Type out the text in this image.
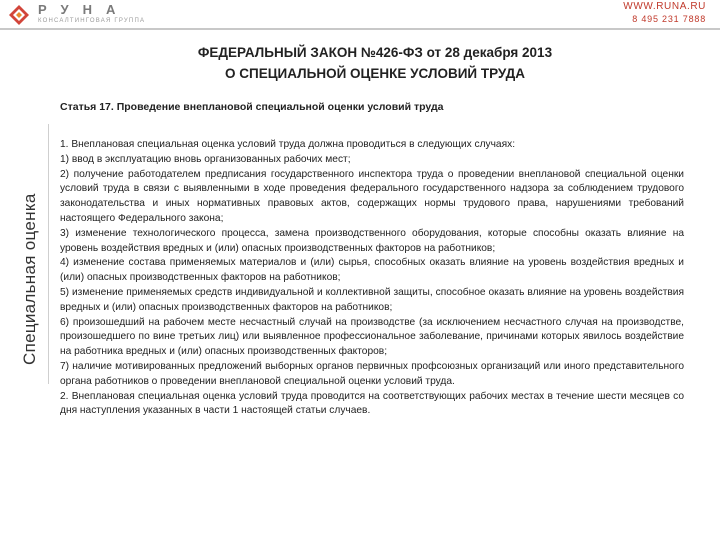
РУНА
КОНСАЛТИНГОВАЯ ГРУППА
WWW.RUNA.RU
8 495 231 7888
ФЕДЕРАЛЬНЫЙ ЗАКОН №426-ФЗ от 28 декабря 2013
О СПЕЦИАЛЬНОЙ ОЦЕНКЕ УСЛОВИЙ ТРУДА
Специальная оценка
Статья 17. Проведение внеплановой специальной оценки условий труда

1. Внеплановая специальная оценка условий труда должна проводиться в следующих случаях:

1) ввод в эксплуатацию вновь организованных рабочих мест;

2) получение работодателем предписания государственного инспектора труда о проведении внеплановой специальной оценки условий труда в связи с выявленными в ходе проведения федерального государственного надзора за соблюдением трудового законодательства и иных нормативных правовых актов, содержащих нормы трудового права, нарушениями требований настоящего Федерального закона;

3) изменение технологического процесса, замена производственного оборудования, которые способны оказать влияние на уровень воздействия вредных и (или) опасных производственных факторов на работников;

4) изменение состава применяемых материалов и (или) сырья, способных оказать влияние на уровень воздействия вредных и (или) опасных производственных факторов на работников;

5) изменение применяемых средств индивидуальной и коллективной защиты, способное оказать влияние на уровень воздействия вредных и (или) опасных производственных факторов на работников;

6) произошедший на рабочем месте несчастный случай на производстве (за исключением несчастного случая на производстве, произошедшего по вине третьих лиц) или выявленное профессиональное заболевание, причинами которых явилось воздействие на работника вредных и (или) опасных производственных факторов;

7) наличие мотивированных предложений выборных органов первичных профсоюзных организаций или иного представительного органа работников о проведении внеплановой специальной оценки условий труда.

2. Внеплановая специальная оценка условий труда проводится на соответствующих рабочих местах в течение шести месяцев со дня наступления указанных в части 1 настоящей статьи случаев.
